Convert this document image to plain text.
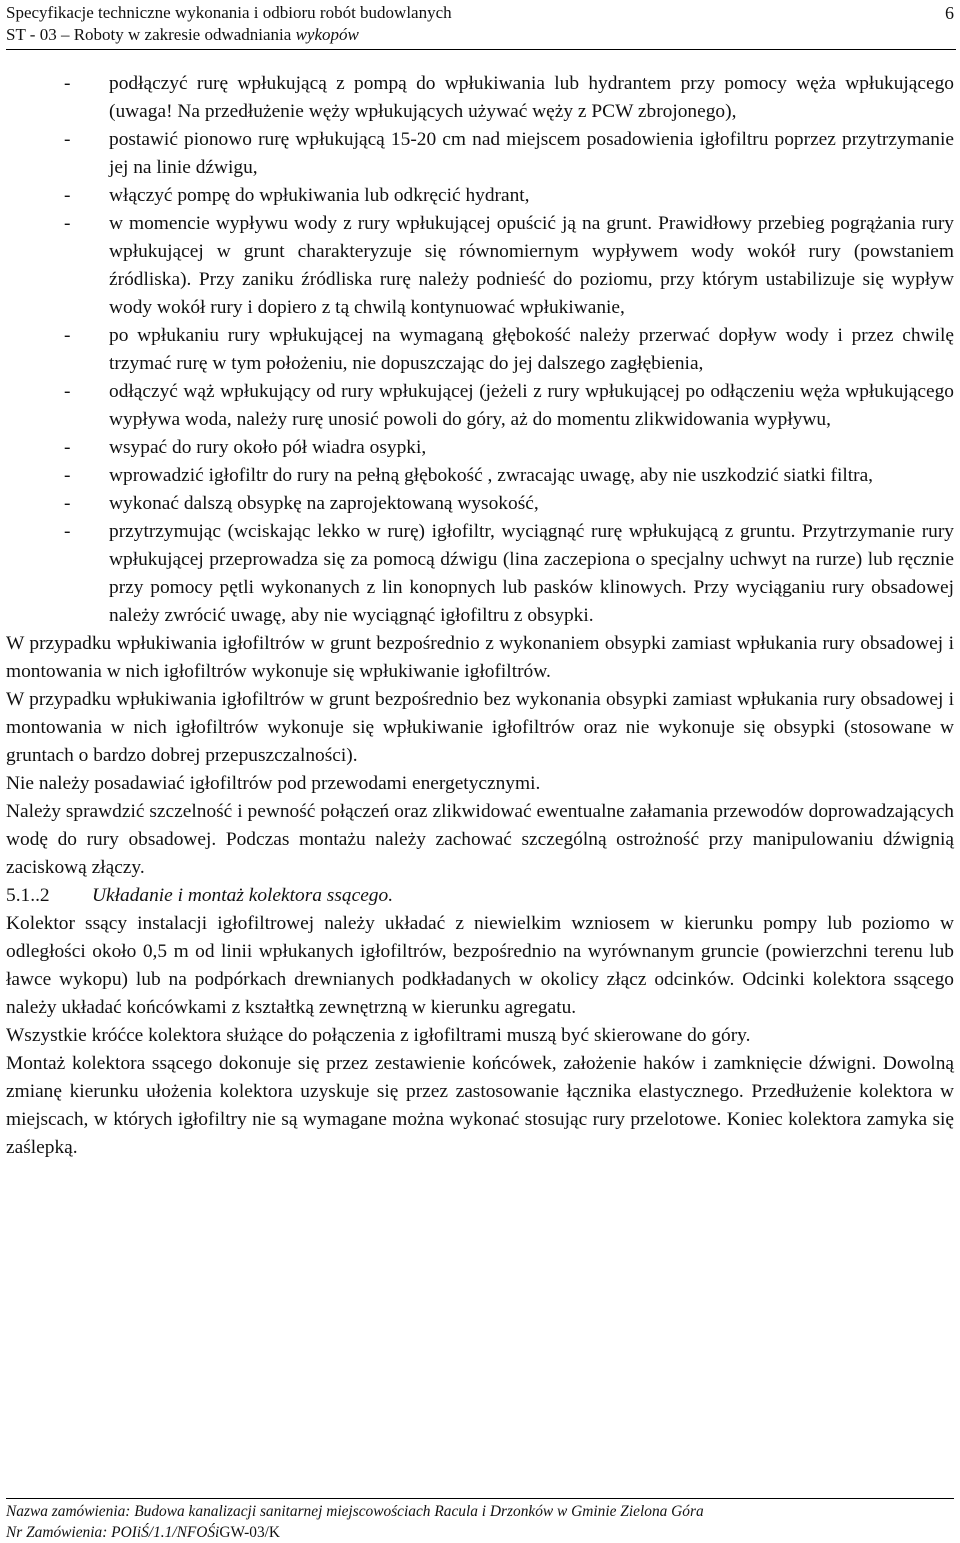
Specyfikacje techniczne wykonania i odbioru robót budowlanych
ST - 03 – Roboty w zakresie odwadniania wykopów
6
- podłączyć rurę wpłukującą z pompą do wpłukiwania lub hydrantem przy pomocy węża wpłukującego (uwaga! Na przedłużenie węży wpłukujących używać węży z PCW zbrojonego),
- postawić pionowo rurę wpłukującą 15-20 cm nad miejscem posadowienia igłofiltru poprzez przytrzymanie jej na linie dźwigu,
- włączyć pompę do wpłukiwania lub odkręcić hydrant,
- w momencie wypływu wody z rury wpłukującej opuścić ją na grunt. Prawidłowy przebieg pogrążania rury wpłukującej w grunt charakteryzuje się równomiernym wypływem wody wokół rury (powstaniem źródliska). Przy zaniku źródliska rurę należy podnieść do poziomu, przy którym ustabilizuje się wypływ wody wokół rury i dopiero z tą chwilą kontynuować wpłukiwanie,
- po wpłukaniu rury wpłukującej na wymaganą głębokość należy przerwać dopływ wody i przez chwilę trzymać rurę w tym położeniu, nie dopuszczając do jej dalszego zagłębienia,
- odłączyć wąż wpłukujący od rury wpłukującej (jeżeli z rury wpłukującej po odłączeniu węża wpłukującego wypływa woda, należy rurę unosić powoli do góry, aż do momentu zlikwidowania wypływu,
- wsypać do rury około pół wiadra osypki,
- wprowadzić igłofiltr do rury na pełną głębokość , zwracając uwagę, aby nie uszkodzić siatki filtra,
- wykonać dalszą obsypkę na zaprojektowaną wysokość,
- przytrzymując (wciskając lekko w rurę) igłofiltr, wyciągnąć rurę wpłukującą z gruntu. Przytrzymanie rury wpłukującej przeprowadza się za pomocą dźwigu (lina zaczepiona o specjalny uchwyt na rurze) lub ręcznie przy pomocy pętli wykonanych z lin konopnych lub pasków klinowych. Przy wyciąganiu rury obsadowej należy zwrócić uwagę, aby nie wyciągnąć igłofiltru z obsypki.

W przypadku wpłukiwania igłofiltrów w grunt bezpośrednio z wykonaniem obsypki zamiast wpłukania rury obsadowej i montowania w nich igłofiltrów wykonuje się wpłukiwanie igłofiltrów.

W przypadku wpłukiwania igłofiltrów w grunt bezpośrednio bez wykonania obsypki zamiast wpłukania rury obsadowej i montowania w nich igłofiltrów wykonuje się wpłukiwanie igłofiltrów oraz nie wykonuje się obsypki (stosowane w gruntach o bardzo dobrej przepuszczalności).

Nie należy posadawiać igłofiltrów pod przewodami energetycznymi.

Należy sprawdzić szczelność i pewność połączeń oraz zlikwidować ewentualne załamania przewodów doprowadzających wodę do rury obsadowej. Podczas montażu należy zachować szczególną ostrożność przy manipulowaniu dźwignią zaciskową złączy.

5.1..2 Układanie i montaż kolektora ssącego.

Kolektor ssący instalacji igłofiltrowej należy układać z niewielkim wzniosem w kierunku pompy lub poziomo w odległości około 0,5 m od linii wpłukanych igłofiltrów, bezpośrednio na wyrównanym gruncie (powierzchni terenu lub ławce wykopu) lub na podpórkach drewnianych podkładanych w okolicy złącz odcinków. Odcinki kolektora ssącego należy układać końcówkami z kształtką zewnętrzną w kierunku agregatu.

Wszystkie króćce kolektora służące do połączenia z igłofiltrami muszą być skierowane do góry.

Montaż kolektora ssącego dokonuje się przez zestawienie końcówek, założenie haków i zamknięcie dźwigni. Dowolną zmianę kierunku ułożenia kolektora uzyskuje się przez zastosowanie łącznika elastycznego. Przedłużenie kolektora w miejscach, w których igłofiltry nie są wymagane można wykonać stosując rury przelotowe. Koniec kolektora zamyka się zaślepką.

Nazwa zamówienia: Budowa kanalizacji sanitarnej miejscowościach Racula i Drzonków w Gminie Zielona Góra
Nr Zamówienia: POIiŚ/1.1/NFOŚiGW-03/K
